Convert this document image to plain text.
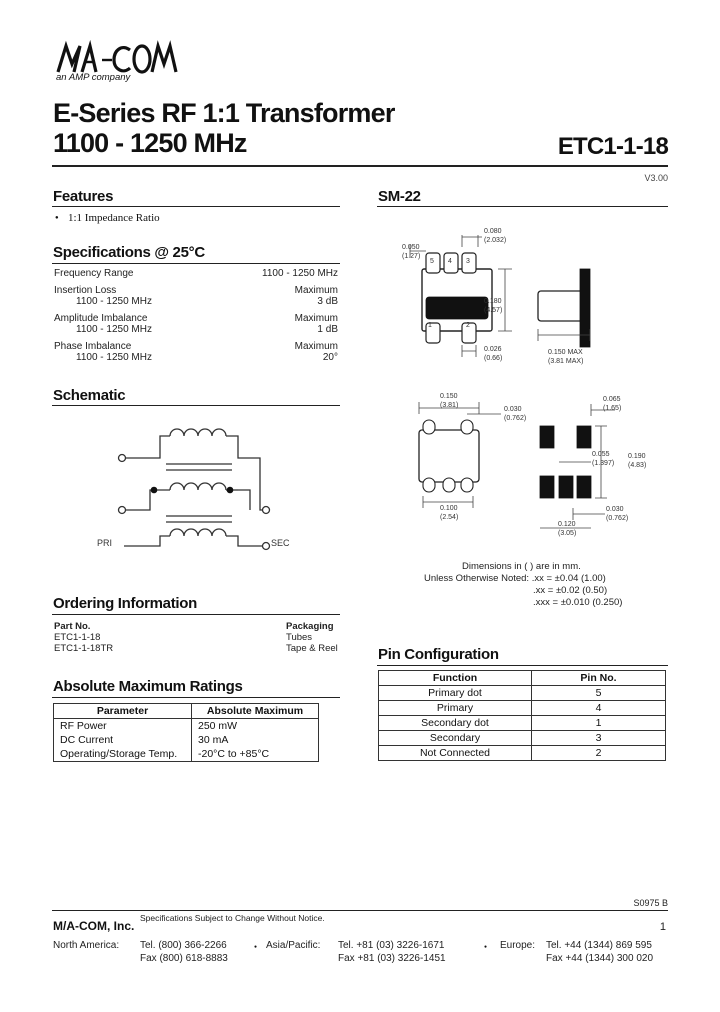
an AMP company
E-Series RF 1:1 Transformer
1100 - 1250 MHz	ETC1-1-18
V3.00
Features
● 1:1 Impedance Ratio
Specifications @ 25°C
Frequency Range	1100 - 1250 MHz
Insertion Loss	Maximum
1100 - 1250 MHz	3 dB
Amplitude Imbalance	Maximum
1100 - 1250 MHz	1 dB
Phase Imbalance	Maximum
1100 - 1250 MHz	20°
Schematic
PRI	SEC
Ordering Information
Part No.	Packaging
ETC1-1-18	Tubes
ETC1-1-18TR	Tape & Reel
Absolute Maximum Ratings
Parameter	Absolute Maximum
RF Power	250 mW
DC Current	30 mA
Operating/Storage Temp.	-20°C to +85°C
SM-22
5 4 3
1	2
0.050
(1.27)
0.080
(2.032)
0.180
(4.57)
0.026
(0.66)
0.150 MAX
(3.81 MAX)
0.150
(3.81)
0.030
(0.762)
0.065
(1.65)
0.055
(1.397)
0.190
(4.83)
0.100
(2.54)
0.030
(0.762)
0.120
(3.05)
Dimensions in ( ) are in mm.
Unless Otherwise Noted: .xx = ±0.04 (1.00)
.xx = ±0.02 (0.50)
.xxx = ±0.010 (0.250)
Pin Configuration
Function	Pin No.
Primary dot	5
Primary	4
Secondary dot	1
Secondary	3
Not Connected	2
S0975 B
M/A-COM, Inc.
Specifications Subject to Change Without Notice.
1
North America: Tel. (800) 366-2266
Fax (800) 618-8883
● Asia/Pacific: Tel. +81 (03) 3226-1671
Fax +81 (03) 3226-1451
● Europe: Tel. +44 (1344) 869 595
Fax +44 (1344) 300 020
